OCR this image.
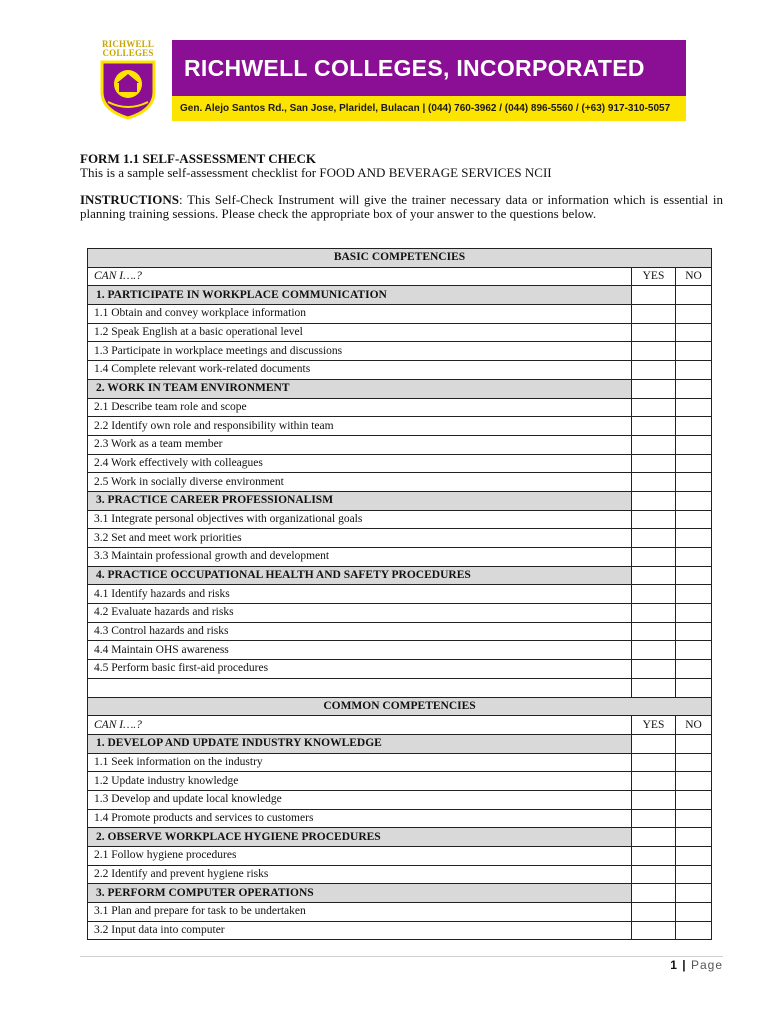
RICHWELL COLLEGES
RICHWELL COLLEGES, INCORPORATED
Gen. Alejo Santos Rd., San Jose, Plaridel, Bulacan | (044) 760-3962 / (044) 896-5560 / (+63) 917-310-5057
FORM 1.1 SELF-ASSESSMENT CHECK
This is a sample self-assessment checklist for FOOD AND BEVERAGE SERVICES NCII
INSTRUCTIONS: This Self-Check Instrument will give the trainer necessary data or information which is essential in planning training sessions. Please check the appropriate box of your answer to the questions below.
BASIC COMPETENCIES		
CAN I….?	YES	NO
1. PARTICIPATE IN WORKPLACE COMMUNICATION		
1.1 Obtain and convey workplace information		
1.2 Speak English at a basic operational level		
1.3 Participate in workplace meetings and discussions		
1.4 Complete relevant work-related documents		
2. WORK IN TEAM ENVIRONMENT		
2.1 Describe team role and scope		
2.2 Identify own role and responsibility within team		
2.3 Work as a team member		
2.4 Work effectively with colleagues		
2.5 Work in socially diverse environment		
3. PRACTICE CAREER PROFESSIONALISM		
3.1 Integrate personal objectives with organizational goals		
3.2 Set and meet work priorities		
3.3 Maintain professional growth and development		
4. PRACTICE OCCUPATIONAL HEALTH AND SAFETY PROCEDURES		
4.1 Identify hazards and risks		
4.2 Evaluate hazards and risks		
4.3 Control hazards and risks		
4.4 Maintain OHS awareness		
4.5 Perform basic first-aid procedures		

COMMON COMPETENCIES		
CAN I….?	YES	NO
1. DEVELOP AND UPDATE INDUSTRY KNOWLEDGE		
1.1 Seek information on the industry		
1.2 Update industry knowledge		
1.3 Develop and update local knowledge		
1.4 Promote products and services to customers		
2. OBSERVE WORKPLACE HYGIENE PROCEDURES		
2.1 Follow hygiene procedures		
2.2 Identify and prevent hygiene risks		
3. PERFORM COMPUTER OPERATIONS		
3.1 Plan and prepare for task to be undertaken		
3.2 Input data into computer		
1 | Page
